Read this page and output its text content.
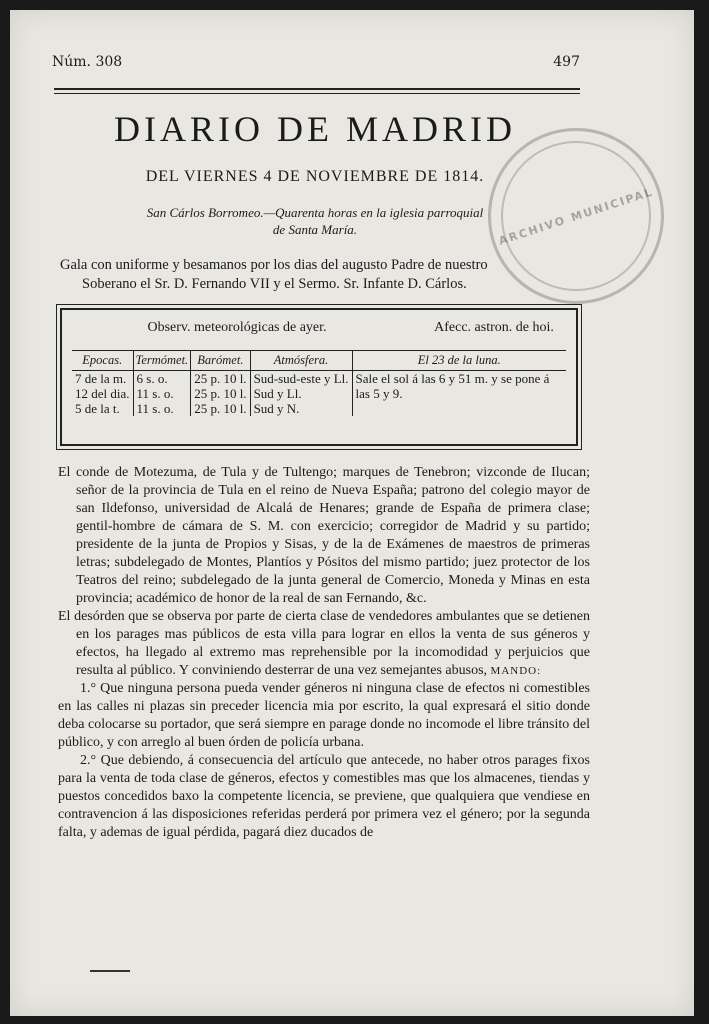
Núm. 308	497
DIARIO DE MADRID
DEL VIERNES 4 DE NOVIEMBRE DE 1814.
San Cárlos Borromeo.—Quarenta horas en la iglesia parroquial
de Santa María.	ARCHIVO MUNICIPAL

Gala con uniforme y besamanos por los dias del augusto Padre de nuestro

Soberano el Sr. D. Fernando VII y el Sermo. Sr. Infante D. Cárlos.

Observ. meteorológicas de ayer.	Afecc. astron. de hoi.
Epocas.	Termómet.	Barómet.	Atmósfera.	El 23 de la luna.
7 de la m.	6 s. o.	25 p. 10 l.	Sud-sud-este y Ll.	Sale el sol á las 6 y 51 m. y se pone á las 5 y 9.
12 del dia.	11 s. o.	25 p. 10 l.	Sud y Ll.	
5 de la t.	11 s. o.	25 p. 10 l.	Sud y N.	

El conde de Motezuma, de Tula y de Tultengo; marques de Tenebron; vizconde de Ilucan; señor de la provincia de Tula en el reino de Nueva España; patrono del colegio mayor de san Ildefonso, universidad de Alcalá de Henares; grande de España de primera clase; gentil-hombre de cámara de S. M. con exercicio; corregidor de Madrid y su partido; presidente de la junta de Propios y Sisas, y de la de Exámenes de maestros de primeras letras; subdelegado de Montes, Plantíos y Pósitos del mismo partido; juez protector de los Teatros del reino; subdelegado de la junta general de Comercio, Moneda y Minas en esta provincia; académico de honor de la real de san Fernando, &c.

El desórden que se observa por parte de cierta clase de vendedores ambulantes que se detienen en los parages mas públicos de esta villa para lograr en ellos la venta de sus géneros y efectos, ha llegado al extremo mas reprehensible por la incomodidad y perjuicios que resulta al público. Y conviniendo desterrar de una vez semejantes abusos, MANDO:

1.° Que ninguna persona pueda vender géneros ni ninguna clase de efectos ni comestibles en las calles ni plazas sin preceder licencia mia por escrito, la qual expresará el sitio donde deba colocarse su portador, que será siempre en parage donde no incomode el libre tránsito del público, y con arreglo al buen órden de policía urbana.

2.° Que debiendo, á consecuencia del artículo que antecede, no haber otros parages fixos para la venta de toda clase de géneros, efectos y comestibles mas que los almacenes, tiendas y puestos concedidos baxo la competente licencia, se previene, que qualquiera que vendiese en contravencion á las disposiciones referidas perderá por primera vez el género; por la segunda falta, y ademas de igual pérdida, pagará diez ducados de
